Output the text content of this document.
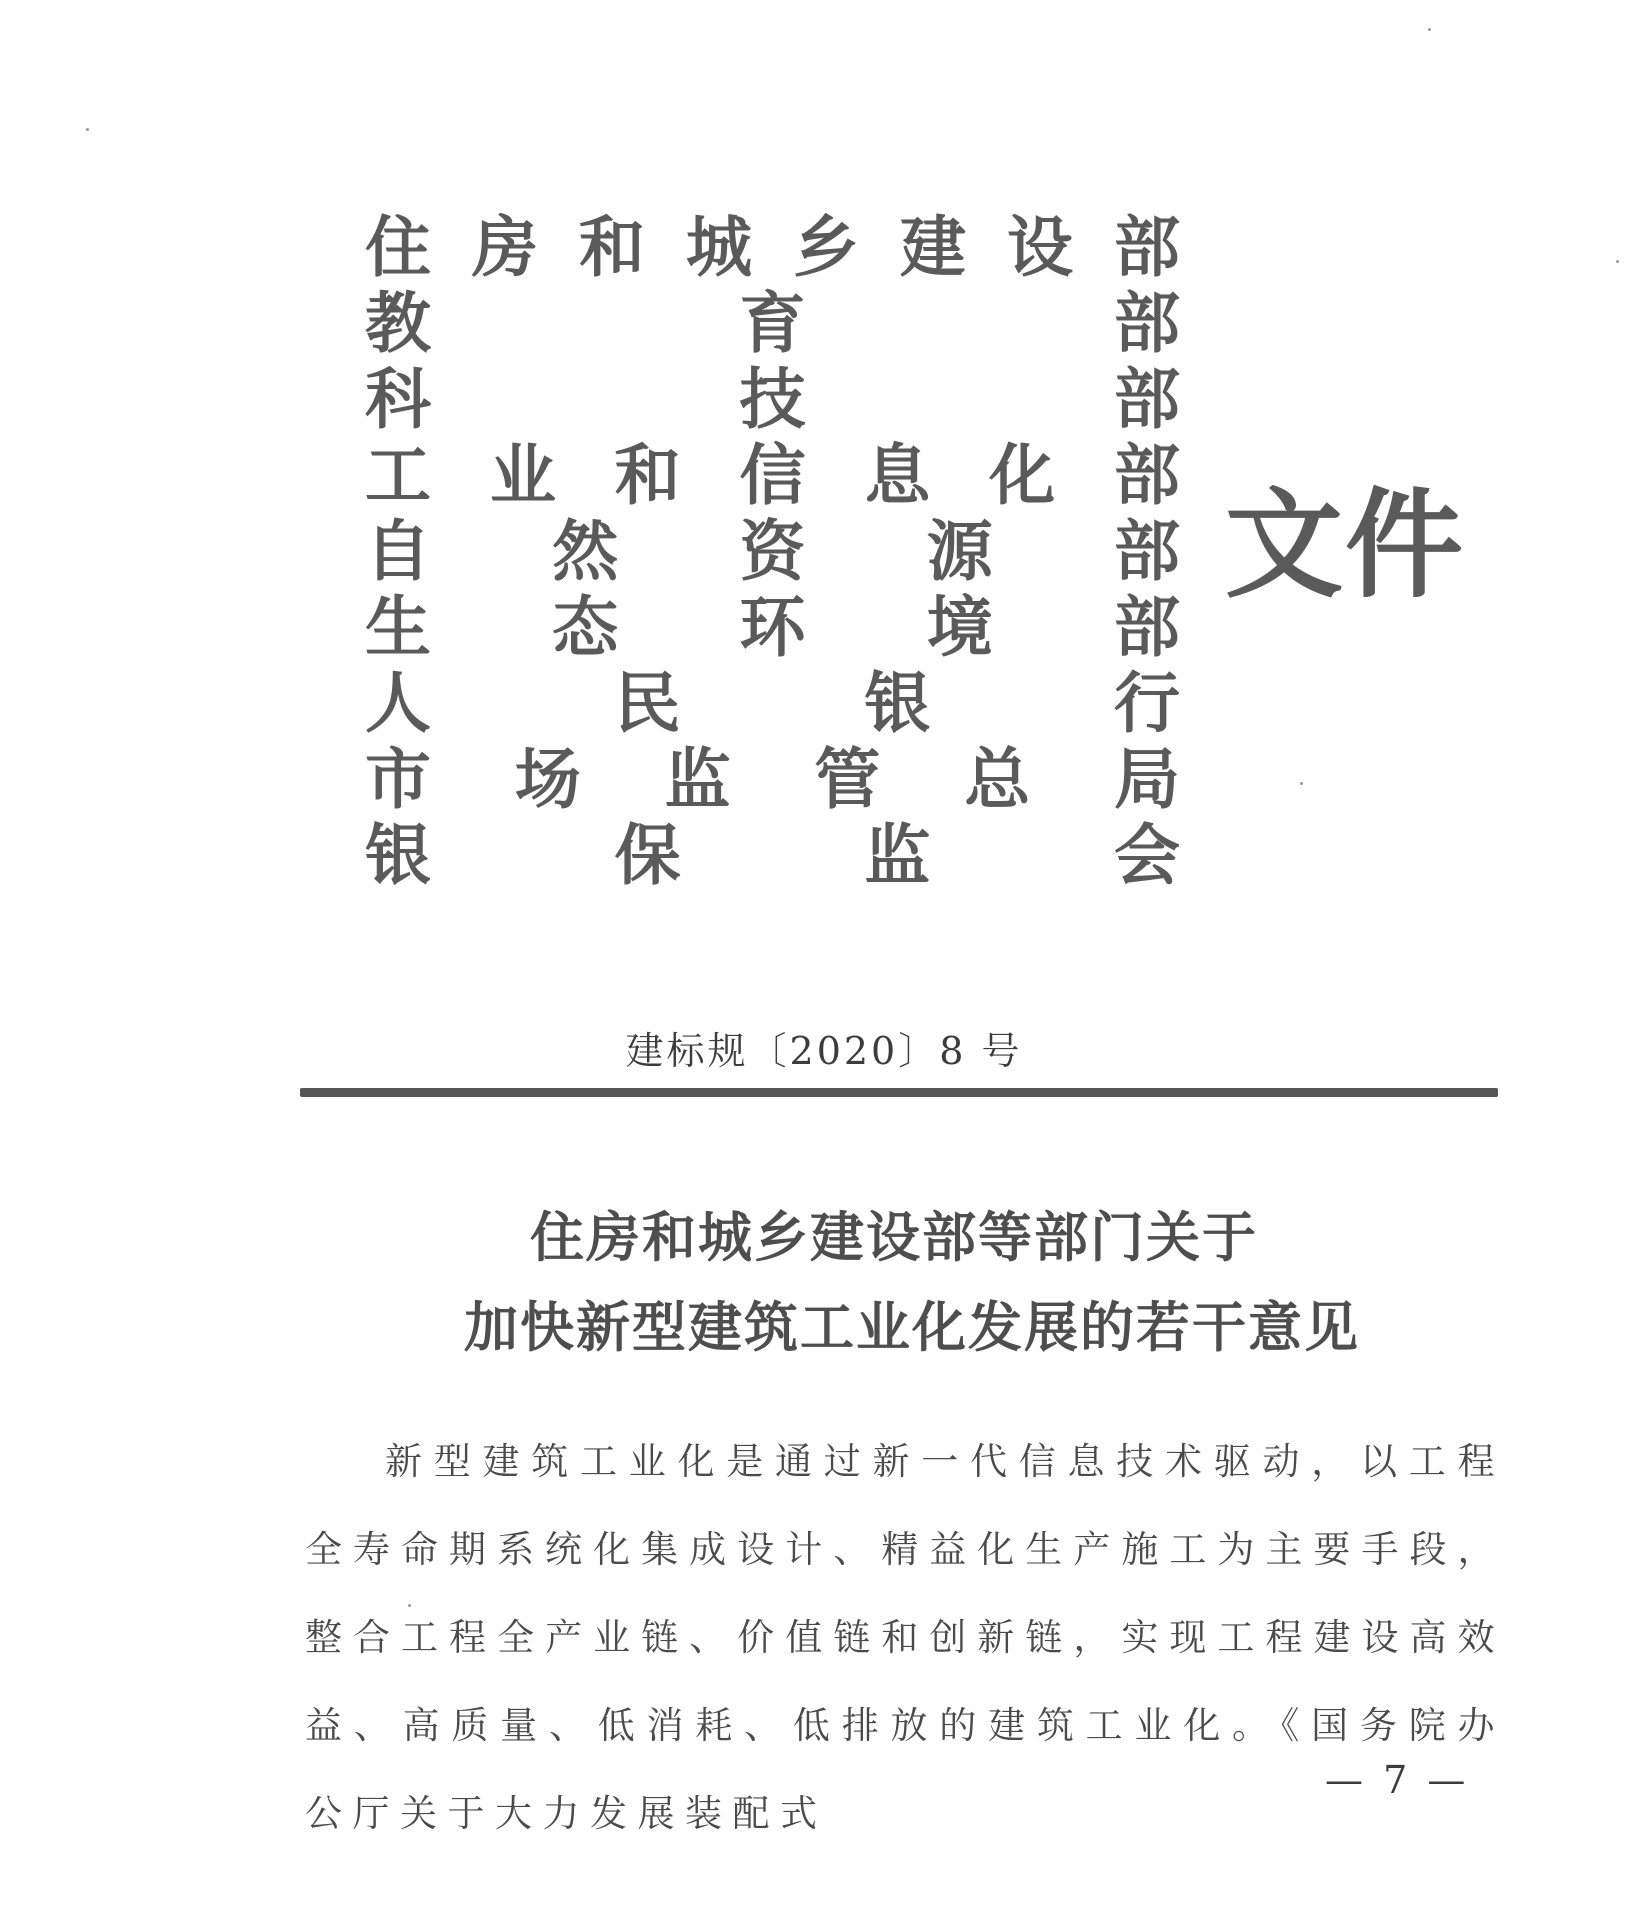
住 房 和 城 乡 建 设 部
教	育	部
科	技	部
工 业 和 信 息 化 部
自 然 资 源 部
生 态 环 境 部
人	民	银	行
市 场 监 管 总 局
银	保	监	会
文件
建标规〔2020〕8 号
住房和城乡建设部等部门关于
加快新型建筑工业化发展的若干意见
新型建筑工业化是通过新一代信息技术驱动，以工程全寿命期系统化集成设计、精益化生产施工为主要手段，整合工程全产业链、价值链和创新链，实现工程建设高效益、高质量、低消耗、低排放的建筑工业化。《国务院办公厅关于大力发展装配式
— 7 —
